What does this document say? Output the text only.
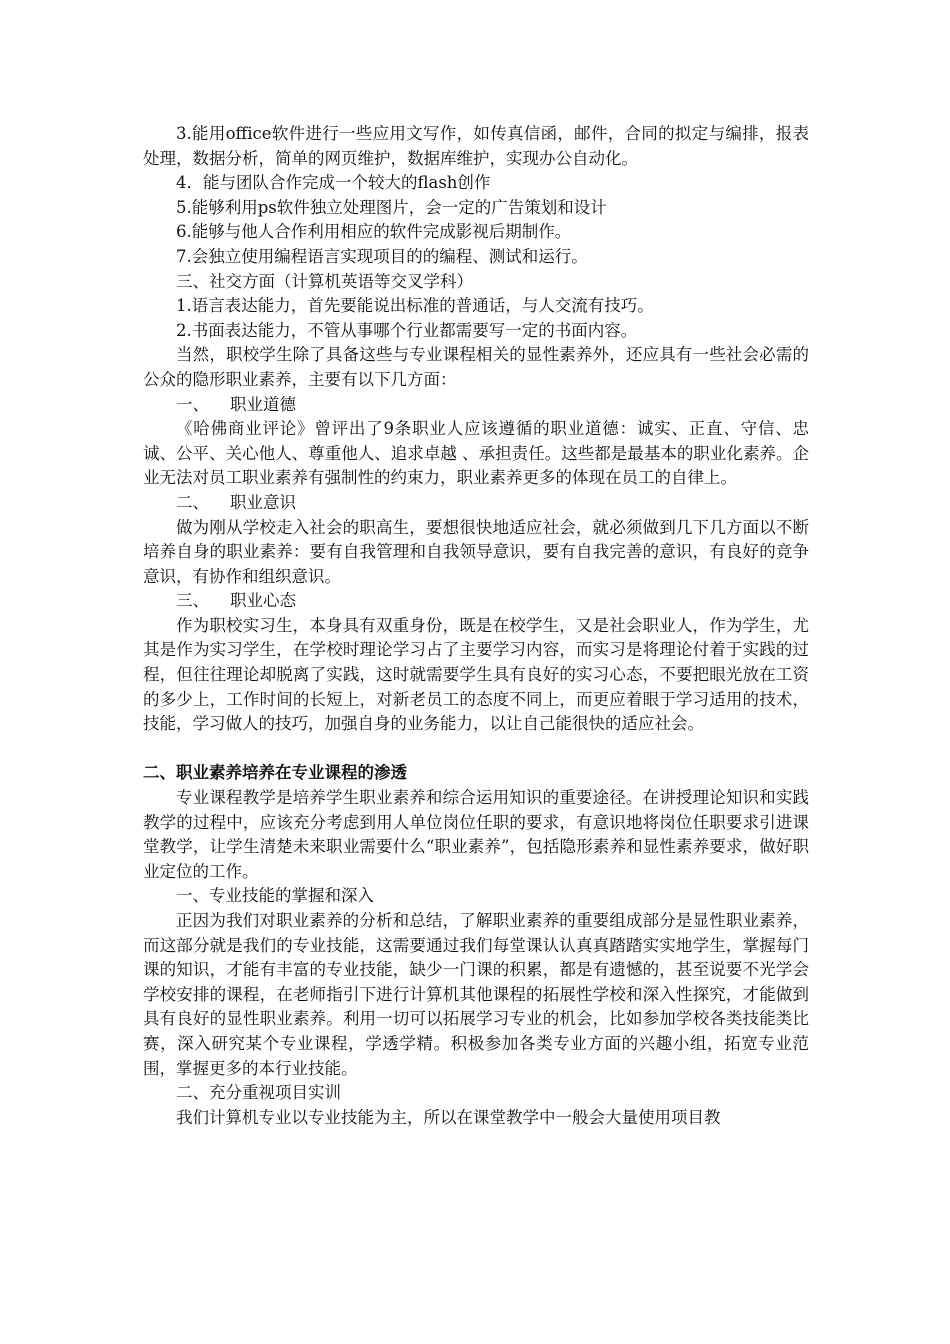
3.能用office软件进行一些应用文写作，如传真信函，邮件，合同的拟定与编排，报表处理，数据分析，简单的网页维护，数据库维护，实现办公自动化。

4．能与团队合作完成一个较大的flash创作

5.能够利用ps软件独立处理图片，会一定的广告策划和设计

6.能够与他人合作利用相应的软件完成影视后期制作。

7.会独立使用编程语言实现项目的的编程、测试和运行。

三、社交方面（计算机英语等交叉学科）

1.语言表达能力，首先要能说出标准的普通话，与人交流有技巧。

2.书面表达能力，不管从事哪个行业都需要写一定的书面内容。

当然，职校学生除了具备这些与专业课程相关的显性素养外，还应具有一些社会必需的公众的隐形职业素养，主要有以下几方面：

一、    职业道德

《哈佛商业评论》曾评出了9条职业人应该遵循的职业道德：诚实、正直、守信、忠诚、公平、关心他人、尊重他人、追求卓越 、承担责任。这些都是最基本的职业化素养。企业无法对员工职业素养有强制性的约束力，职业素养更多的体现在员工的自律上。

二、    职业意识

做为刚从学校走入社会的职高生，要想很快地适应社会，就必须做到几下几方面以不断培养自身的职业素养：要有自我管理和自我领导意识，要有自我完善的意识，有良好的竞争意识，有协作和组织意识。

三、    职业心态

作为职校实习生，本身具有双重身份，既是在校学生，又是社会职业人，作为学生，尤其是作为实习学生，在学校时理论学习占了主要学习内容，而实习是将理论付着于实践的过程，但往往理论却脱离了实践，这时就需要学生具有良好的实习心态，不要把眼光放在工资的多少上，工作时间的长短上，对新老员工的态度不同上，而更应着眼于学习适用的技术，技能，学习做人的技巧，加强自身的业务能力，以让自己能很快的适应社会。

二、职业素养培养在专业课程的渗透

专业课程教学是培养学生职业素养和综合运用知识的重要途径。在讲授理论知识和实践教学的过程中，应该充分考虑到用人单位岗位任职的要求，有意识地将岗位任职要求引进课堂教学，让学生清楚未来职业需要什么“职业素养”，包括隐形素养和显性素养要求，做好职业定位的工作。

一、专业技能的掌握和深入

正因为我们对职业素养的分析和总结，了解职业素养的重要组成部分是显性职业素养，而这部分就是我们的专业技能，这需要通过我们每堂课认认真真踏踏实实地学生，掌握每门课的知识，才能有丰富的专业技能，缺少一门课的积累，都是有遗憾的，甚至说要不光学会学校安排的课程，在老师指引下进行计算机其他课程的拓展性学校和深入性探究，才能做到具有良好的显性职业素养。利用一切可以拓展学习专业的机会，比如参加学校各类技能类比赛，深入研究某个专业课程，学透学精。积极参加各类专业方面的兴趣小组，拓宽专业范围，掌握更多的本行业技能。

二、充分重视项目实训

我们计算机专业以专业技能为主，所以在课堂教学中一般会大量使用项目教
